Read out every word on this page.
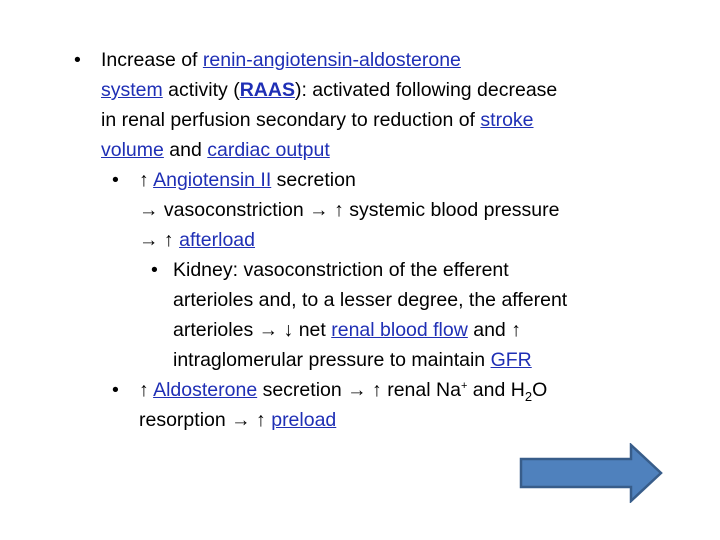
• Increase of renin-angiotensin-aldosterone
system activity (RAAS): activated following decrease
in renal perfusion secondary to reduction of stroke
volume and cardiac output
• ↑ Angiotensin II secretion
→ vasoconstriction → ↑ systemic blood pressure
→ ↑ afterload
• Kidney: vasoconstriction of the efferent
arterioles and, to a lesser degree, the afferent
arterioles → ↓ net renal blood flow and ↑
intraglomerular pressure to maintain GFR
• ↑ Aldosterone secretion → ↑ renal Na+ and $H_2O$
resorption → ↑ preload
